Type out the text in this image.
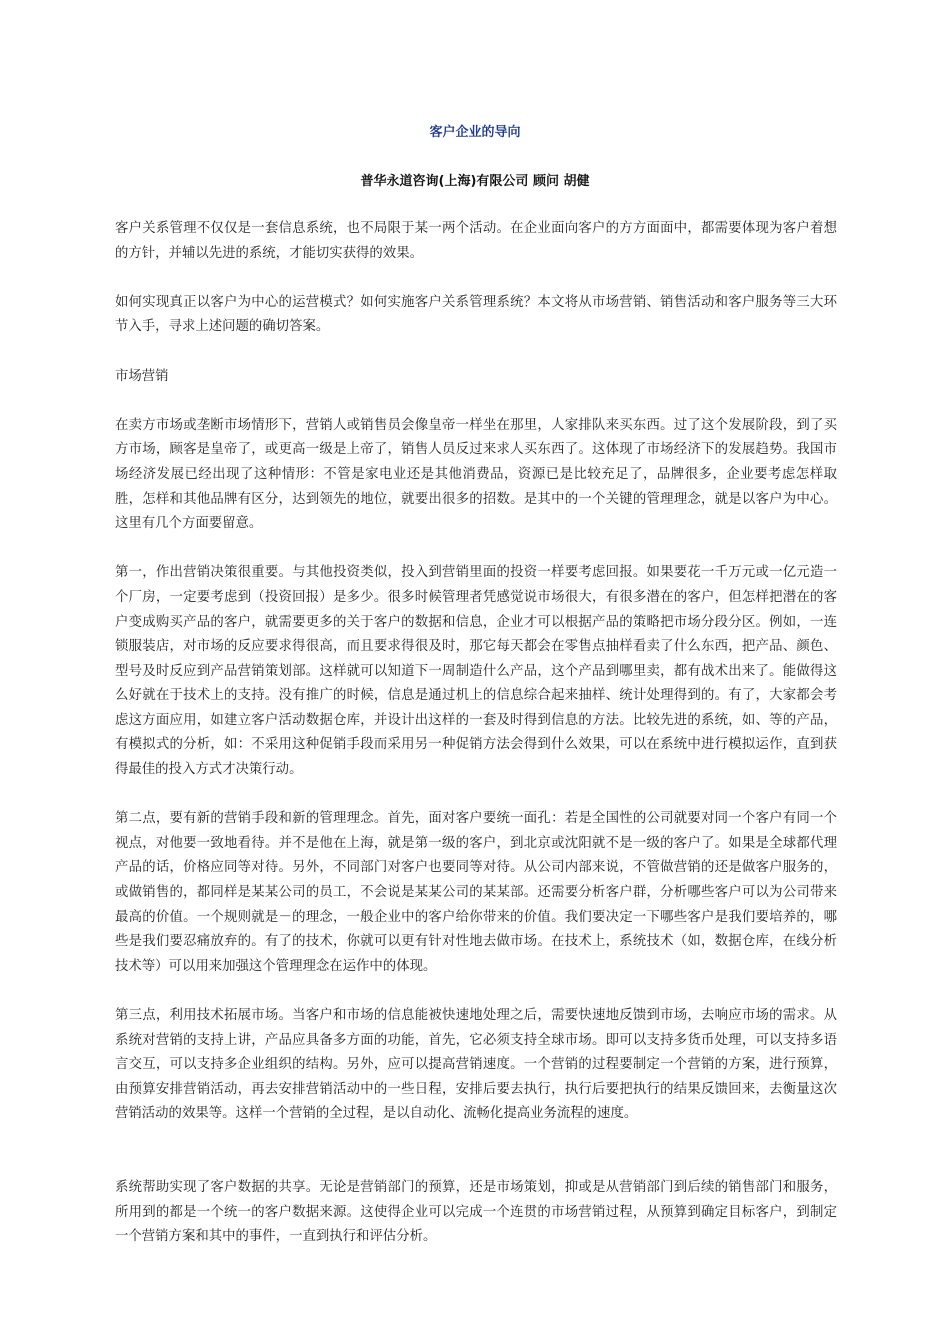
客户企业的导向
普华永道咨询(上海)有限公司 顾问 胡健

客户关系管理不仅仅是一套信息系统，也不局限于某一两个活动。在企业面向客户的方方面面中，都需要体现为客户着想的方针，并辅以先进的系统，才能切实获得的效果。

如何实现真正以客户为中心的运营模式？如何实施客户关系管理系统？本文将从市场营销、销售活动和客户服务等三大环节入手，寻求上述问题的确切答案。

市场营销

在卖方市场或垄断市场情形下，营销人或销售员会像皇帝一样坐在那里，人家排队来买东西。过了这个发展阶段，到了买方市场，顾客是皇帝了，或更高一级是上帝了，销售人员反过来求人买东西了。这体现了市场经济下的发展趋势。我国市场经济发展已经出现了这种情形：不管是家电业还是其他消费品，资源已是比较充足了，品牌很多，企业要考虑怎样取胜，怎样和其他品牌有区分，达到领先的地位，就要出很多的招数。是其中的一个关键的管理理念，就是以客户为中心。这里有几个方面要留意。

第一，作出营销决策很重要。与其他投资类似，投入到营销里面的投资一样要考虑回报。如果要花一千万元或一亿元造一个厂房，一定要考虑到（投资回报）是多少。很多时候管理者凭感觉说市场很大，有很多潜在的客户，但怎样把潜在的客户变成购买产品的客户，就需要更多的关于客户的数据和信息，企业才可以根据产品的策略把市场分段分区。例如，一连锁服装店，对市场的反应要求得很高，而且要求得很及时，那它每天都会在零售点抽样看卖了什么东西，把产品、颜色、型号及时反应到产品营销策划部。这样就可以知道下一周制造什么产品，这个产品到哪里卖，都有战术出来了。能做得这么好就在于技术上的支持。没有推广的时候，信息是通过机上的信息综合起来抽样、统计处理得到的。有了，大家都会考虑这方面应用，如建立客户活动数据仓库，并设计出这样的一套及时得到信息的方法。比较先进的系统，如、等的产品，有模拟式的分析，如：不采用这种促销手段而采用另一种促销方法会得到什么效果，可以在系统中进行模拟运作，直到获得最佳的投入方式才决策行动。

第二点，要有新的营销手段和新的管理理念。首先，面对客户要统一面孔：若是全国性的公司就要对同一个客户有同一个视点，对他要一致地看待。并不是他在上海，就是第一级的客户，到北京或沈阳就不是一级的客户了。如果是全球都代理产品的话，价格应同等对待。另外，不同部门对客户也要同等对待。从公司内部来说，不管做营销的还是做客户服务的，或做销售的，都同样是某某公司的员工，不会说是某某公司的某某部。还需要分析客户群，分析哪些客户可以为公司带来最高的价值。一个规则就是－的理念，一般企业中的客户给你带来的价值。我们要决定一下哪些客户是我们要培养的，哪些是我们要忍痛放弃的。有了的技术，你就可以更有针对性地去做市场。在技术上，系统技术（如，数据仓库，在线分析技术等）可以用来加强这个管理理念在运作中的体现。

第三点，利用技术拓展市场。当客户和市场的信息能被快速地处理之后，需要快速地反馈到市场，去响应市场的需求。从系统对营销的支持上讲，产品应具备多方面的功能，首先，它必须支持全球市场。即可以支持多货币处理，可以支持多语言交互，可以支持多企业组织的结构。另外，应可以提高营销速度。一个营销的过程要制定一个营销的方案，进行预算，由预算安排营销活动，再去安排营销活动中的一些日程，安排后要去执行，执行后要把执行的结果反馈回来，去衡量这次营销活动的效果等。这样一个营销的全过程，是以自动化、流畅化提高业务流程的速度。

系统帮助实现了客户数据的共享。无论是营销部门的预算，还是市场策划，抑或是从营销部门到后续的销售部门和服务，所用到的都是一个统一的客户数据来源。这使得企业可以完成一个连贯的市场营销过程，从预算到确定目标客户，到制定一个营销方案和其中的事件，一直到执行和评估分析。
